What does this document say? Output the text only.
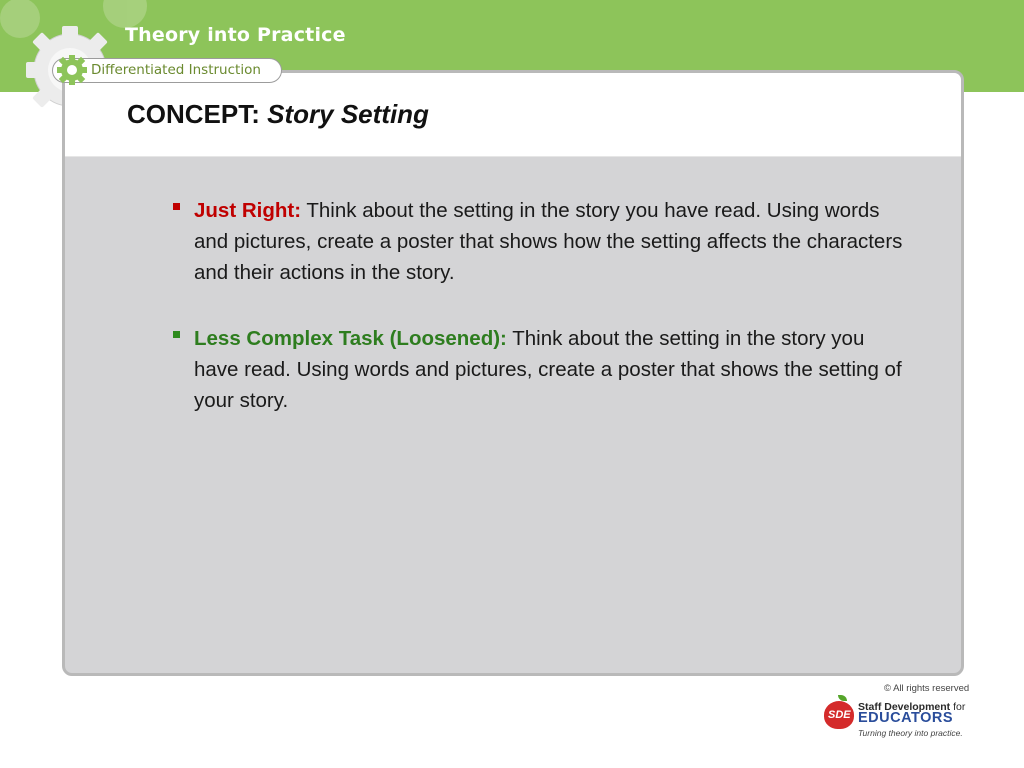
Theory into Practice
CONCEPT: Story Setting
Differentiated Instruction

Just Right: Think about the setting in the story you have read. Using words and pictures, create a poster that shows how the setting affects the characters and their actions in the story.

Less Complex Task (Loosened): Think about the setting in the story you have read. Using words and pictures, create a poster that shows the setting of your story.

© All rights reserved
SDE
Staff Development for
EDUCATORS
Turning theory into practice.
